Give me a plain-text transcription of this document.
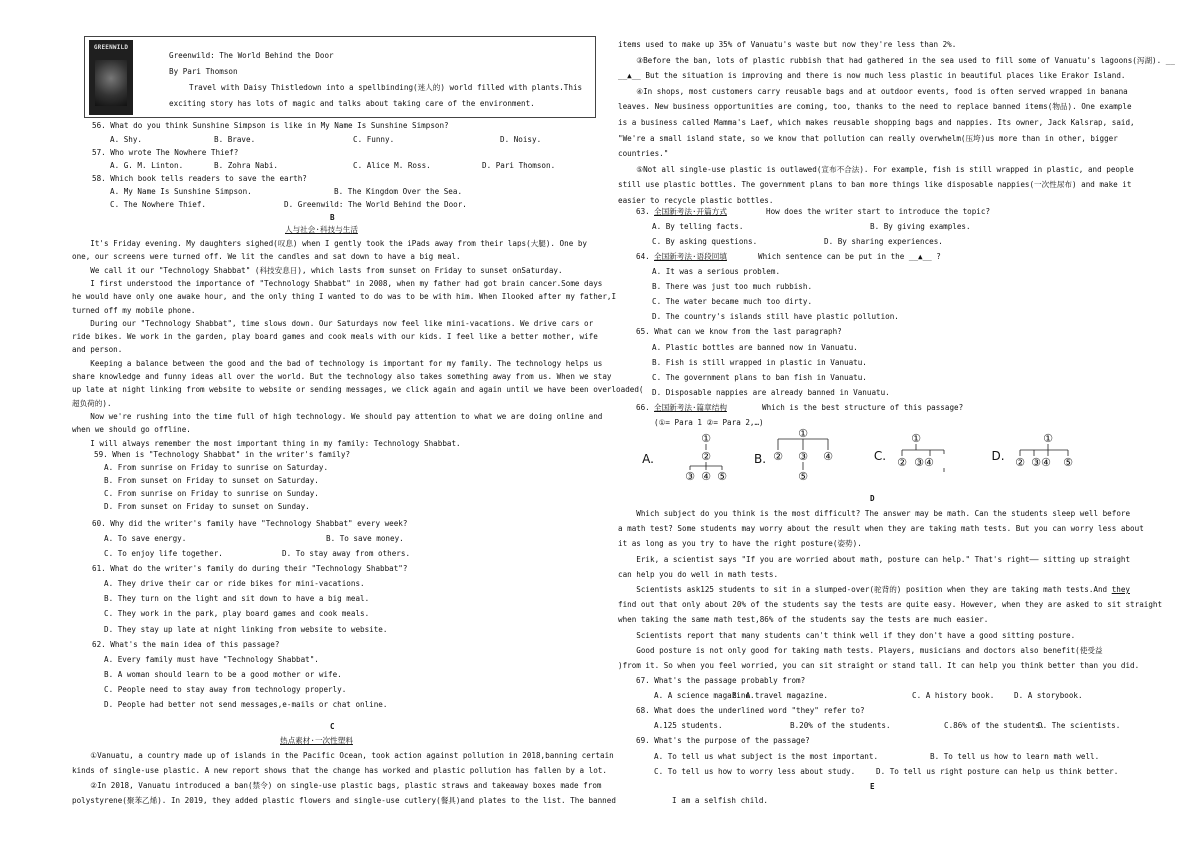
GREENWILD
Greenwild: The World Behind the Door
By Pari Thomson
Travel with Daisy Thistledown into a spellbinding(迷人的) world filled with plants.This
exciting story has lots of magic and talks about taking care of the environment.
56. What do you think Sunshine Simpson is like in My Name Is Sunshine Simpson?
A. Shy.	B. Brave.	C. Funny.	D. Noisy.
57. Who wrote The Nowhere Thief?
A. G. M. Linton.	B. Zohra Nabi.	C. Alice M. Ross.	D. Pari Thomson.
58. Which book tells readers to save the earth?
A. My Name Is Sunshine Simpson.	B. The Kingdom Over the Sea.
C. The Nowhere Thief.	D. Greenwild: The World Behind the Door.
B
人与社会·科技与生活
It's Friday evening. My daughters sighed(叹息) when I gently took the iPads away from their laps(大腿). One by
one, our screens were turned off. We lit the candles and sat down to have a big meal.
We call it our "Technology Shabbat" (科技安息日), which lasts from sunset on Friday to sunset onSaturday.
I first understood the importance of "Technology Shabbat" in 2008, when my father had got brain cancer.Some days
he would have only one awake hour, and the only thing I wanted to do was to be with him. When Ilooked after my father,I
turned off my mobile phone.
During our "Technology Shabbat", time slows down. Our Saturdays now feel like mini-vacations. We drive cars or
ride bikes. We work in the garden, play board games and cook meals with our kids. I feel like a better mother, wife
and person.
Keeping a balance between the good and the bad of technology is important for my family. The technology helps us
share knowledge and funny ideas all over the world. But the technology also takes something away from us. When we stay
up late at night linking from website to website or sending messages, we click again and again until we have been overloaded(
超负荷的).
Now we're rushing into the time full of high technology. We should pay attention to what we are doing online and
when we should go offline.
I will always remember the most important thing in my family: Technology Shabbat.
59. When is "Technology Shabbat" in the writer's family?
A. From sunrise on Friday to sunrise on Saturday.
B. From sunset on Friday to sunset on Saturday.
C. From sunrise on Friday to sunrise on Sunday.
D. From sunset on Friday to sunset on Sunday.
60. Why did the writer's family have "Technology Shabbat" every week?
A. To save energy.	B. To save money.
C. To enjoy life together.	D. To stay away from others.
61. What do the writer's family do during their "Technology Shabbat"?
A. They drive their car or ride bikes for mini-vacations.
B. They turn on the light and sit down to have a big meal.
C. They work in the park, play board games and cook meals.
D. They stay up late at night linking from website to website.
62. What's the main idea of this passage?
A. Every family must have "Technology Shabbat".
B. A woman should learn to be a good mother or wife.
C. People need to stay away from technology properly.
D. People had better not send messages,e-mails or chat online.
C
热点素材·一次性塑料
①Vanuatu, a country made up of islands in the Pacific Ocean, took action against pollution in 2018,banning certain
kinds of single-use plastic. A new report shows that the change has worked and plastic pollution has fallen by a lot.
②In 2018, Vanuatu introduced a ban(禁令) on single-use plastic bags, plastic straws and takeaway boxes made from
polystyrene(聚苯乙烯). In 2019, they added plastic flowers and single-use cutlery(餐具)and plates to the list. The banned
items used to make up 35% of Vanuatu's waste but now they're less than 2%.
③Before the ban, lots of plastic rubbish that had gathered in the sea used to fill some of Vanuatu's lagoons(泻湖). __
__▲__ But the situation is improving and there is now much less plastic in beautiful places like Erakor Island.
④In shops, most customers carry reusable bags and at outdoor events, food is often served wrapped in banana
leaves. New business opportunities are coming, too, thanks to the need to replace banned items(物品). One example
is a business called Mamma's Laef, which makes reusable shopping bags and nappies. Its owner, Jack Kalsrap, said,
"We're a small island state, so we know that pollution can really overwhelm(压垮)us more than in other, bigger
countries."
⑤Not all single-use plastic is outlawed(宣布不合法). For example, fish is still wrapped in plastic, and people
still use plastic bottles. The government plans to ban more things like disposable nappies(一次性尿布) and make it
easier to recycle plastic bottles.
63. 全国新考法·开篇方式	How does the writer start to introduce the topic?
A. By telling facts.	B. By giving examples.
C. By asking questions.	D. By sharing experiences.
64. 全国新考法·语段回填	Which sentence can be put in the __▲__ ?
A. It was a serious problem.
B. There was just too much rubbish.
C. The water became much too dirty.
D. The country's islands still have plastic pollution.
65. What can we know from the last paragraph?
A. Plastic bottles are banned now in Vanuatu.
B. Fish is still wrapped in plastic in Vanuatu.
C. The government plans to ban fish in Vanuatu.
D. Disposable nappies are already banned in Vanuatu.
66. 全国新考法·篇章结构	Which is the best structure of this passage?
(①= Para 1 ②= Para 2,…)
A.
①
②
③ ④ ⑤
B.
①
② ③ ④
⑤
C.
①
② ③④	D.
①
② ③④ ⑤
D
Which subject do you think is the most difficult? The answer may be math. Can the students sleep well before
a math test? Some students may worry about the result when they are taking math tests. But you can worry less about
it as long as you try to have the right posture(姿势).
Erik, a scientist says "If you are worried about math, posture can help." That's right—— sitting up straight
can help you do well in math tests.
Scientists ask125 students to sit in a slumped-over(驼背的) position when they are taking math tests.And they
find out that only about 20% of the students say the tests are quite easy. However, when they are asked to sit straight
when taking the same math test,86% of the students say the tests are much easier.
Scientists report that many students can't think well if they don't have a good sitting posture.
Good posture is not only good for taking math tests. Players, musicians and doctors also benefit(使受益
)from it. So when you feel worried, you can sit straight or stand tall. It can help you think better than you did.
67. What's the passage probably from?
A. A science magazine.
B. A travel magazine.	C. A history book.	D. A storybook.
68. What does the underlined word "they" refer to?
A.125 students.	B.20% of the students.	C.86% of the students.
D. The scientists.
69. What's the purpose of the passage?
A. To tell us what subject is the most important.	B. To tell us how to learn math well.
C. To tell us how to worry less about study.	D. To tell us right posture can help us think better.
E
I am a selfish child.
